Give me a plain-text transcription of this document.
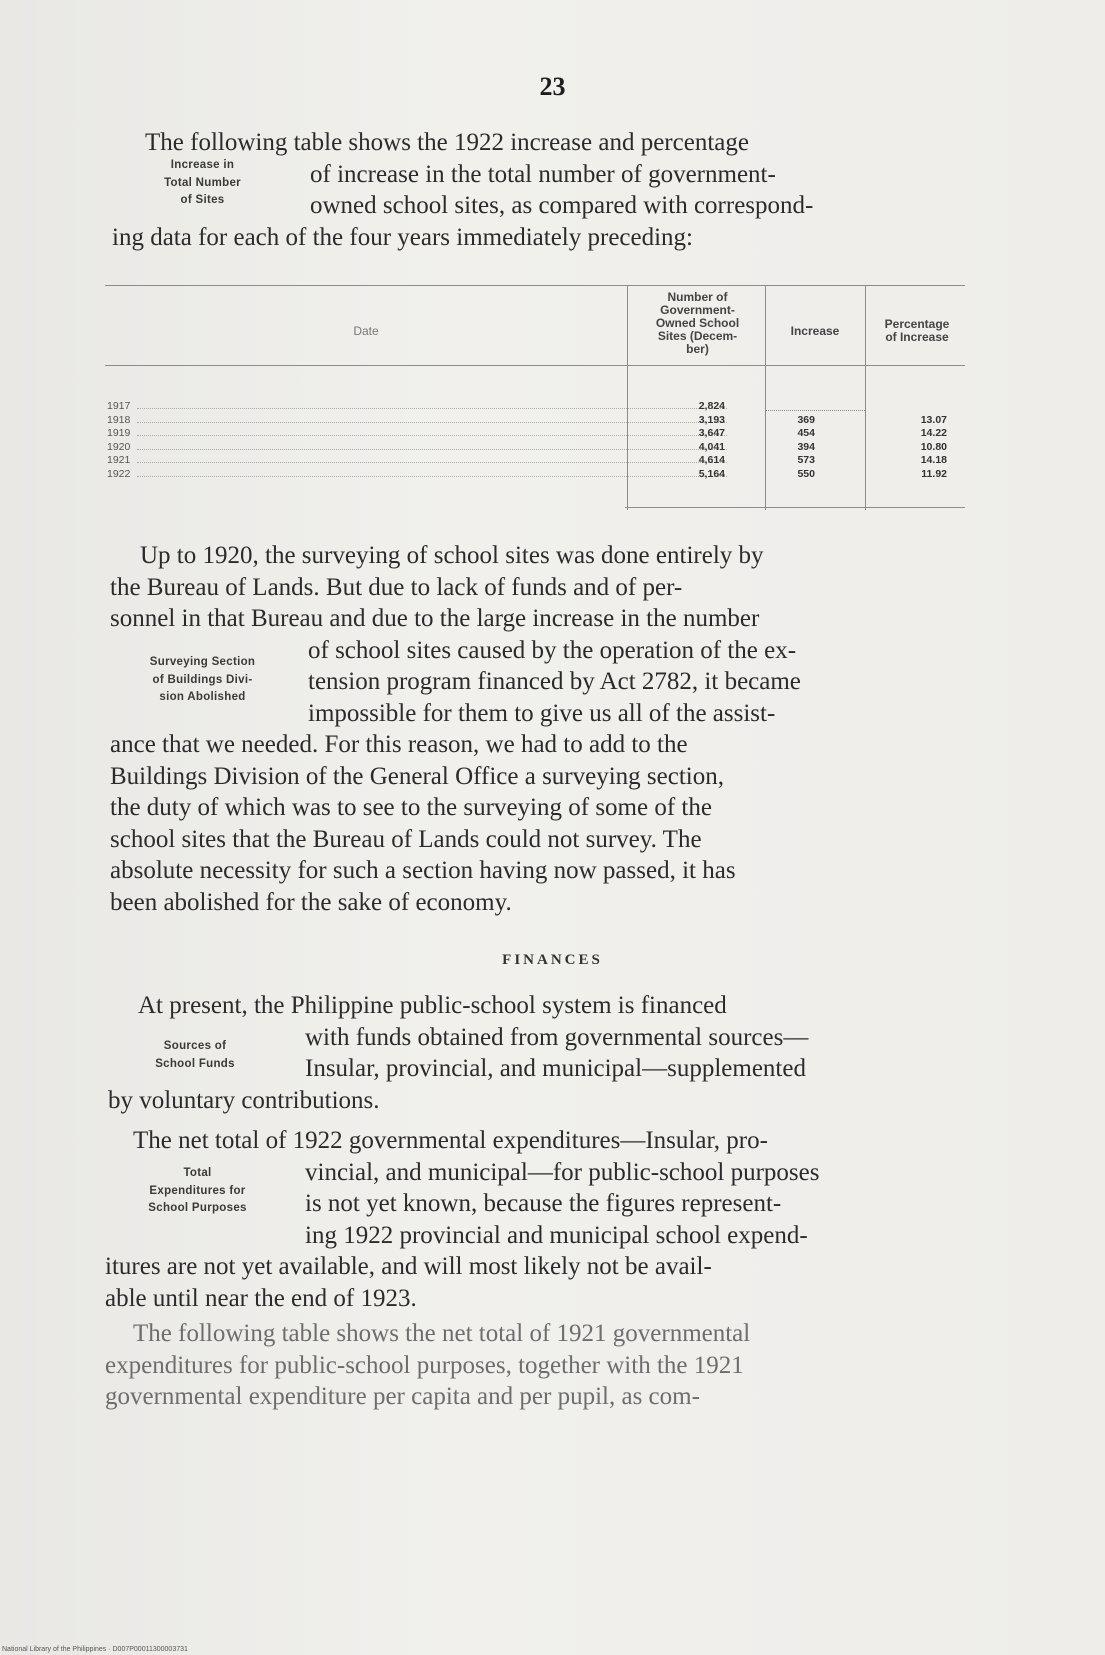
23
Increase in
Total Number
of Sites
The following table shows the 1922 increase and percentage
of increase in the total number of government-
owned school sites, as compared with correspond-
ing data for each of the four years immediately preceding:
Date
Number of
Government-
Owned School
Sites (Decem-
ber)
Increase	Percentage
of Increase
1917	2,824
1918	3,193	369	13.07
1919	3,647	454	14.22
1920	4,041	394	10.80
1921	4,614	573	14.18
1922	5,164	550	11.92
Surveying Section
of Buildings Divi-
sion Abolished
Up to 1920, the surveying of school sites was done entirely by
the Bureau of Lands. But due to lack of funds and of per-
sonnel in that Bureau and due to the large increase in the number
of school sites caused by the operation of the ex-
tension program financed by Act 2782, it became
impossible for them to give us all of the assist-
ance that we needed. For this reason, we had to add to the
Buildings Division of the General Office a surveying section,
the duty of which was to see to the surveying of some of the
school sites that the Bureau of Lands could not survey. The
absolute necessity for such a section having now passed, it has
been abolished for the sake of economy.
FINANCES
Sources of
School Funds
At present, the Philippine public-school system is financed
with funds obtained from governmental sources—
Insular, provincial, and municipal—supplemented
by voluntary contributions.
Total
Expenditures for
School Purposes
The net total of 1922 governmental expenditures—Insular, pro-
vincial, and municipal—for public-school purposes
is not yet known, because the figures represent-
ing 1922 provincial and municipal school expend-
itures are not yet available, and will most likely not be avail-
able until near the end of 1923.
The following table shows the net total of 1921 governmental
expenditures for public-school purposes, together with the 1921
governmental expenditure per capita and per pupil, as com-
National Library of the Philippines · D007P00011300003731
